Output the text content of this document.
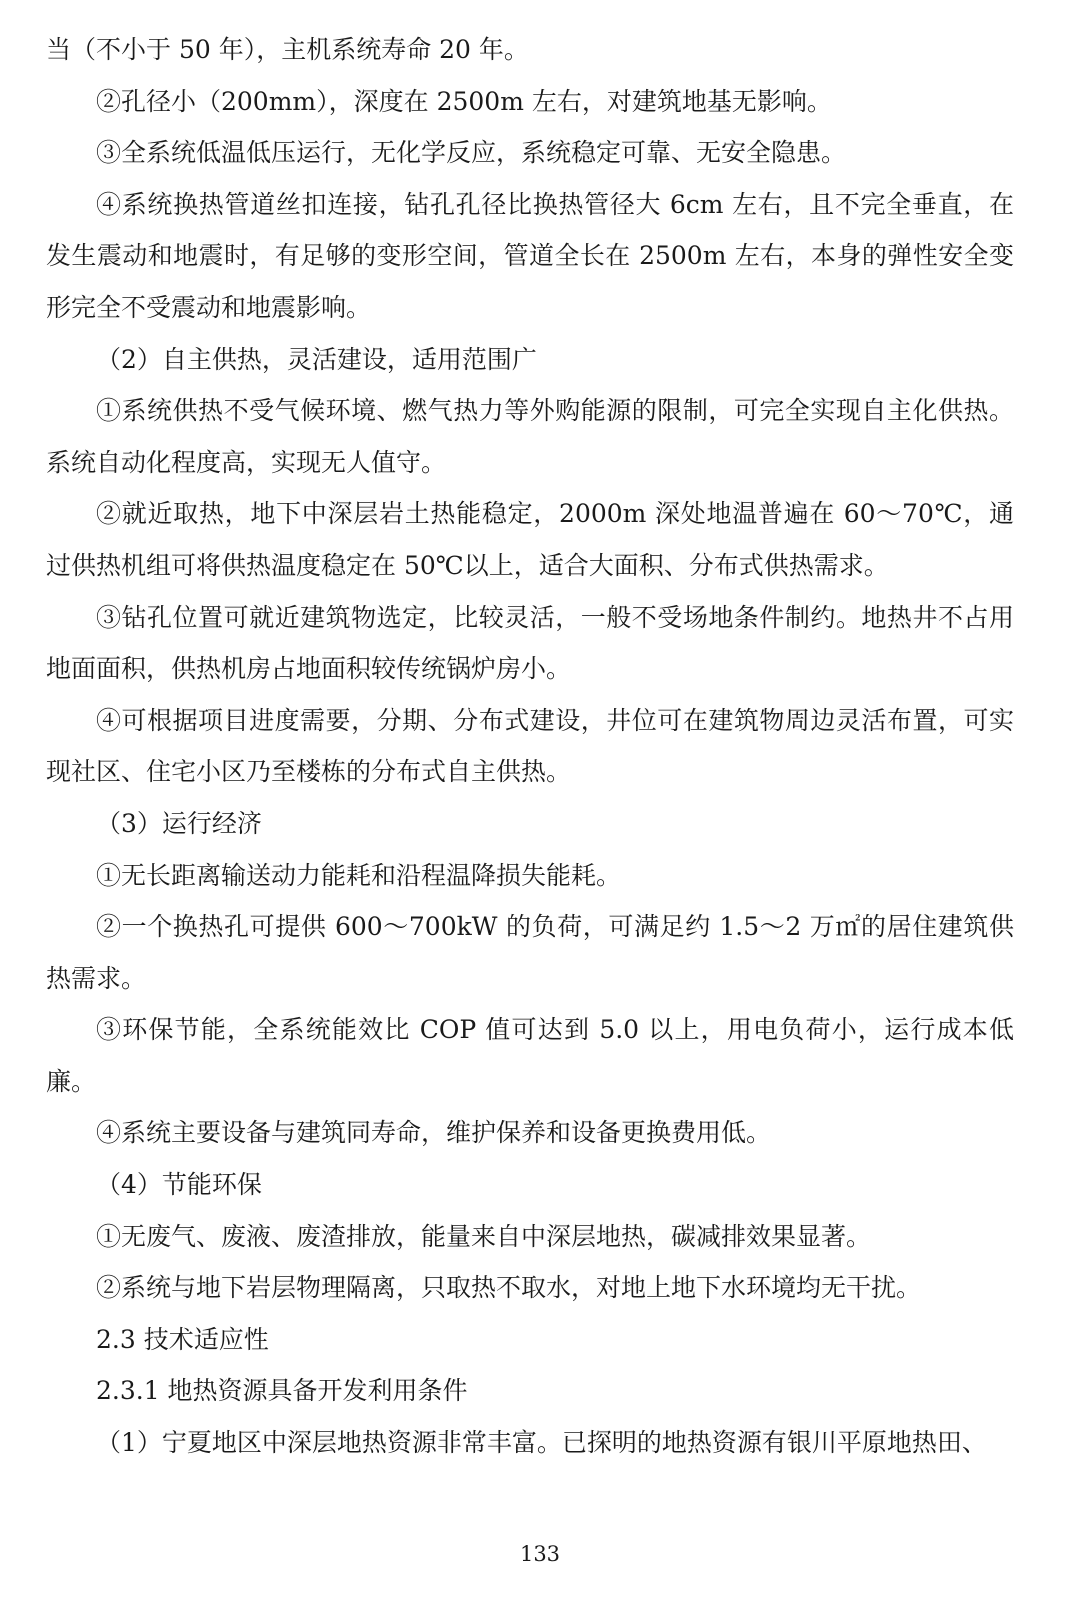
当（不小于 50 年），主机系统寿命 20 年。

②孔径小（200mm），深度在 2500m 左右，对建筑地基无影响。

③全系统低温低压运行，无化学反应，系统稳定可靠、无安全隐患。

④系统换热管道丝扣连接，钻孔孔径比换热管径大 6cm 左右，且不完全垂直，在发生震动和地震时，有足够的变形空间，管道全长在 2500m 左右，本身的弹性安全变形完全不受震动和地震影响。

（2）自主供热，灵活建设，适用范围广

①系统供热不受气候环境、燃气热力等外购能源的限制，可完全实现自主化供热。系统自动化程度高，实现无人值守。

②就近取热，地下中深层岩土热能稳定，2000m 深处地温普遍在 60～70℃，通过供热机组可将供热温度稳定在 50℃以上，适合大面积、分布式供热需求。

③钻孔位置可就近建筑物选定，比较灵活，一般不受场地条件制约。地热井不占用地面面积，供热机房占地面积较传统锅炉房小。

④可根据项目进度需要，分期、分布式建设，井位可在建筑物周边灵活布置，可实现社区、住宅小区乃至楼栋的分布式自主供热。

（3）运行经济

①无长距离输送动力能耗和沿程温降损失能耗。

②一个换热孔可提供 600～700kW 的负荷，可满足约 1.5～2 万㎡的居住建筑供热需求。

③环保节能，全系统能效比 COP 值可达到 5.0 以上，用电负荷小，运行成本低廉。

④系统主要设备与建筑同寿命，维护保养和设备更换费用低。

（4）节能环保

①无废气、废液、废渣排放，能量来自中深层地热，碳减排效果显著。

②系统与地下岩层物理隔离，只取热不取水，对地上地下水环境均无干扰。

2.3 技术适应性

2.3.1 地热资源具备开发利用条件

（1）宁夏地区中深层地热资源非常丰富。已探明的地热资源有银川平原地热田、

133
